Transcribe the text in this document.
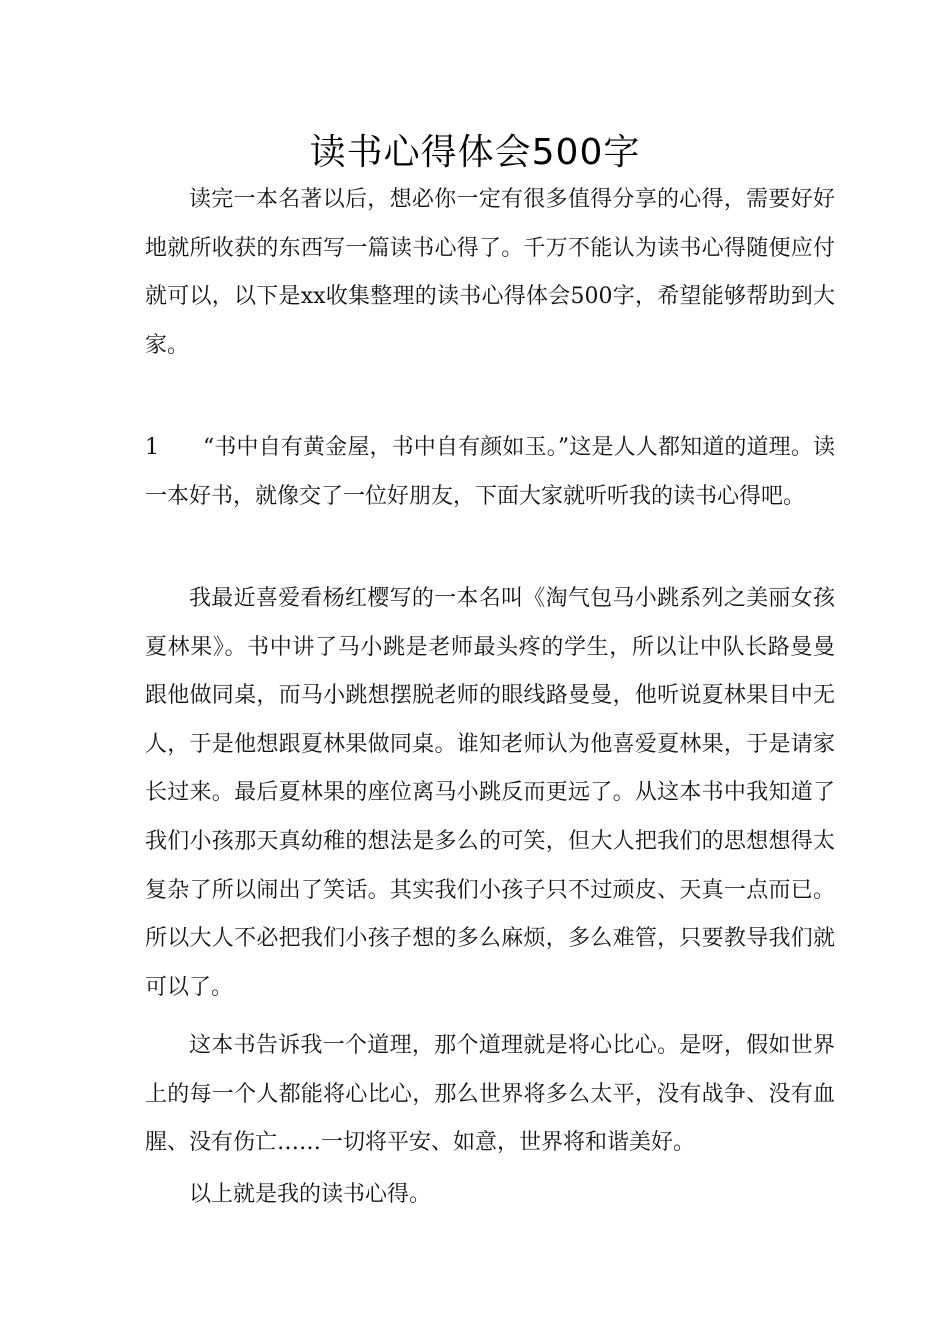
读书心得体会500字

读完一本名著以后，想必你一定有很多值得分享的心得，需要好好地就所收获的东西写一篇读书心得了。千万不能认为读书心得随便应付就可以，以下是xx收集整理的读书心得体会500字，希望能够帮助到大家。

1 “书中自有黄金屋，书中自有颜如玉。”这是人人都知道的道理。读一本好书，就像交了一位好朋友，下面大家就听听我的读书心得吧。

我最近喜爱看杨红樱写的一本名叫《淘气包马小跳系列之美丽女孩夏林果》。书中讲了马小跳是老师最头疼的学生，所以让中队长路曼曼跟他做同桌，而马小跳想摆脱老师的眼线路曼曼，他听说夏林果目中无人，于是他想跟夏林果做同桌。谁知老师认为他喜爱夏林果，于是请家长过来。最后夏林果的座位离马小跳反而更远了。从这本书中我知道了我们小孩那天真幼稚的想法是多么的可笑，但大人把我们的思想想得太复杂了所以闹出了笑话。其实我们小孩子只不过顽皮、天真一点而已。所以大人不必把我们小孩子想的多么麻烦，多么难管，只要教导我们就可以了。

这本书告诉我一个道理，那个道理就是将心比心。是呀，假如世界上的每一个人都能将心比心，那么世界将多么太平，没有战争、没有血腥、没有伤亡……一切将平安、如意，世界将和谐美好。

以上就是我的读书心得。
